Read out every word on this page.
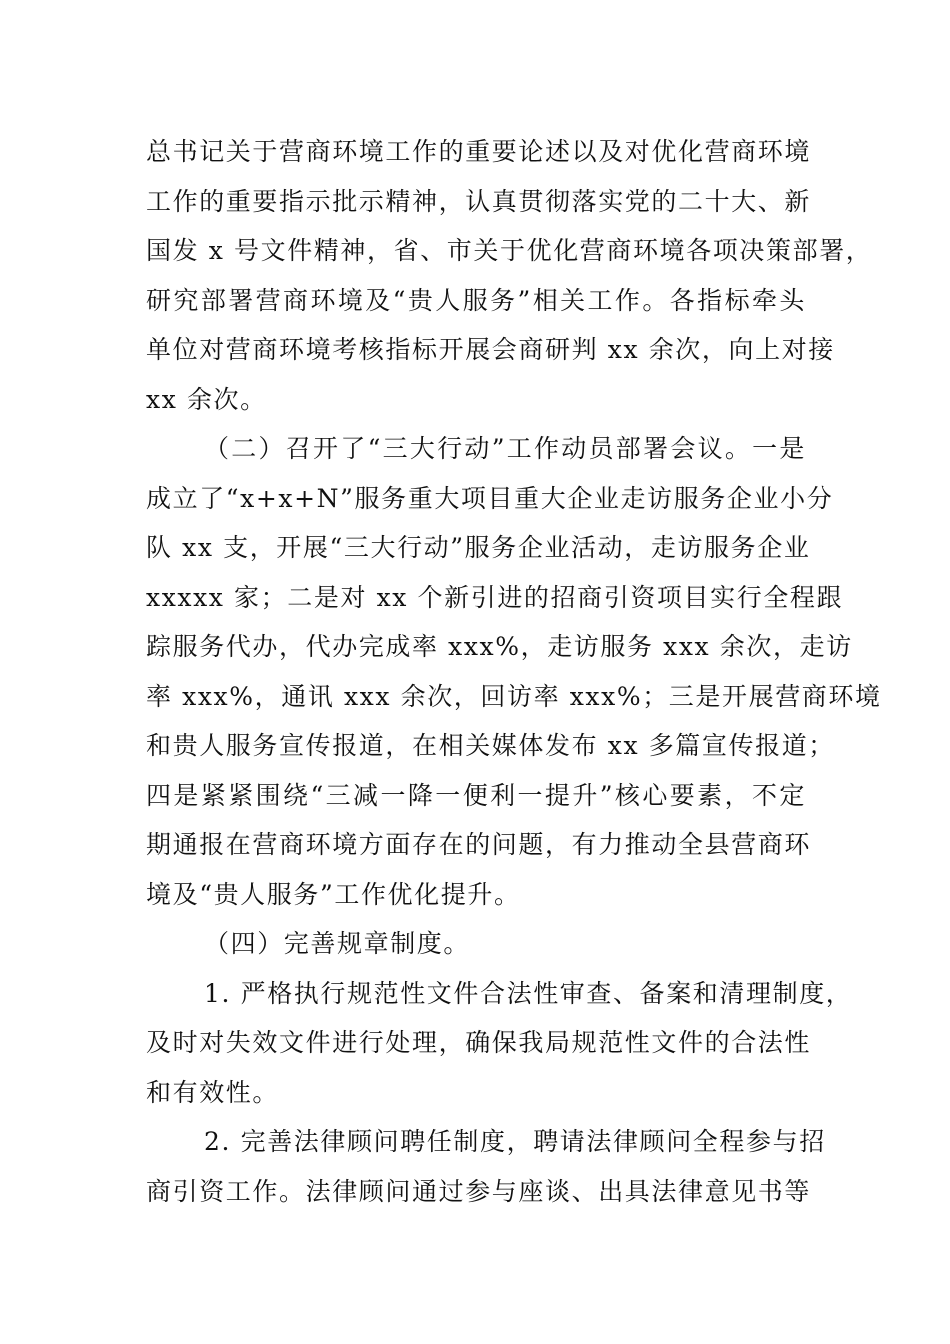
总书记关于营商环境工作的重要论述以及对优化营商环境
工作的重要指示批示精神，认真贯彻落实党的二十大、新
国发 x 号文件精神，省、市关于优化营商环境各项决策部署，
研究部署营商环境及“贵人服务”相关工作。各指标牵头
单位对营商环境考核指标开展会商研判 xx 余次，向上对接
xx 余次。
（二）召开了“三大行动”工作动员部署会议。一是
成立了“x+x+N”服务重大项目重大企业走访服务企业小分
队 xx 支，开展“三大行动”服务企业活动，走访服务企业
xxxxx 家；二是对 xx 个新引进的招商引资项目实行全程跟
踪服务代办，代办完成率 xxx%，走访服务 xxx 余次，走访
率 xxx%，通讯 xxx 余次，回访率 xxx%；三是开展营商环境
和贵人服务宣传报道，在相关媒体发布 xx 多篇宣传报道；
四是紧紧围绕“三减一降一便利一提升”核心要素，不定
期通报在营商环境方面存在的问题，有力推动全县营商环
境及“贵人服务”工作优化提升。
（四）完善规章制度。
1. 严格执行规范性文件合法性审查、备案和清理制度，
及时对失效文件进行处理，确保我局规范性文件的合法性
和有效性。
2. 完善法律顾问聘任制度，聘请法律顾问全程参与招
商引资工作。法律顾问通过参与座谈、出具法律意见书等
